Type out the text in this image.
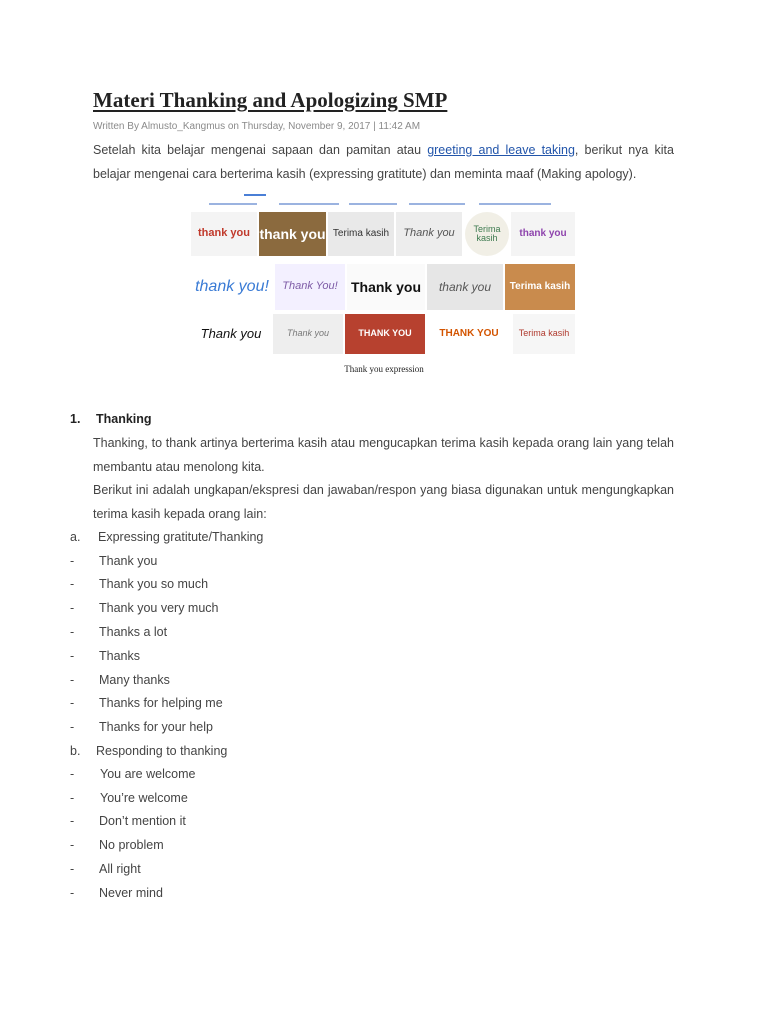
Materi Thanking and Apologizing SMP
Written By Almusto_Kangmus on Thursday, November 9, 2017 | 11:42 AM

Setelah kita belajar mengenai sapaan dan pamitan atau greeting and leave taking, berikut nya kita belajar mengenai cara berterima kasih (expressing gratitute) dan meminta maaf (Making apology).

thank you thank you Terima kasih Thank you	Terima kasih	thank you
thank you! Thank You! Thank you thank you Terima kasih
Thank you	Thank you	THANK YOU	THANK YOU Terima kasih
Thank you expression
1. Thanking

Thanking, to thank artinya berterima kasih atau mengucapkan terima kasih kepada orang lain yang telah membantu atau menolong kita.

Berikut ini adalah ungkapan/ekspresi dan jawaban/respon yang biasa digunakan untuk mengungkapkan terima kasih kepada orang lain:

a. Expressing gratitute/Thanking
- Thank you
- Thank you so much
- Thank you very much
- Thanks a lot
- Thanks
- Many thanks
- Thanks for helping me
- Thanks for your help
b. Responding to thanking
- You are welcome
- You’re welcome
- Don’t mention it
- No problem
- All right
- Never mind
